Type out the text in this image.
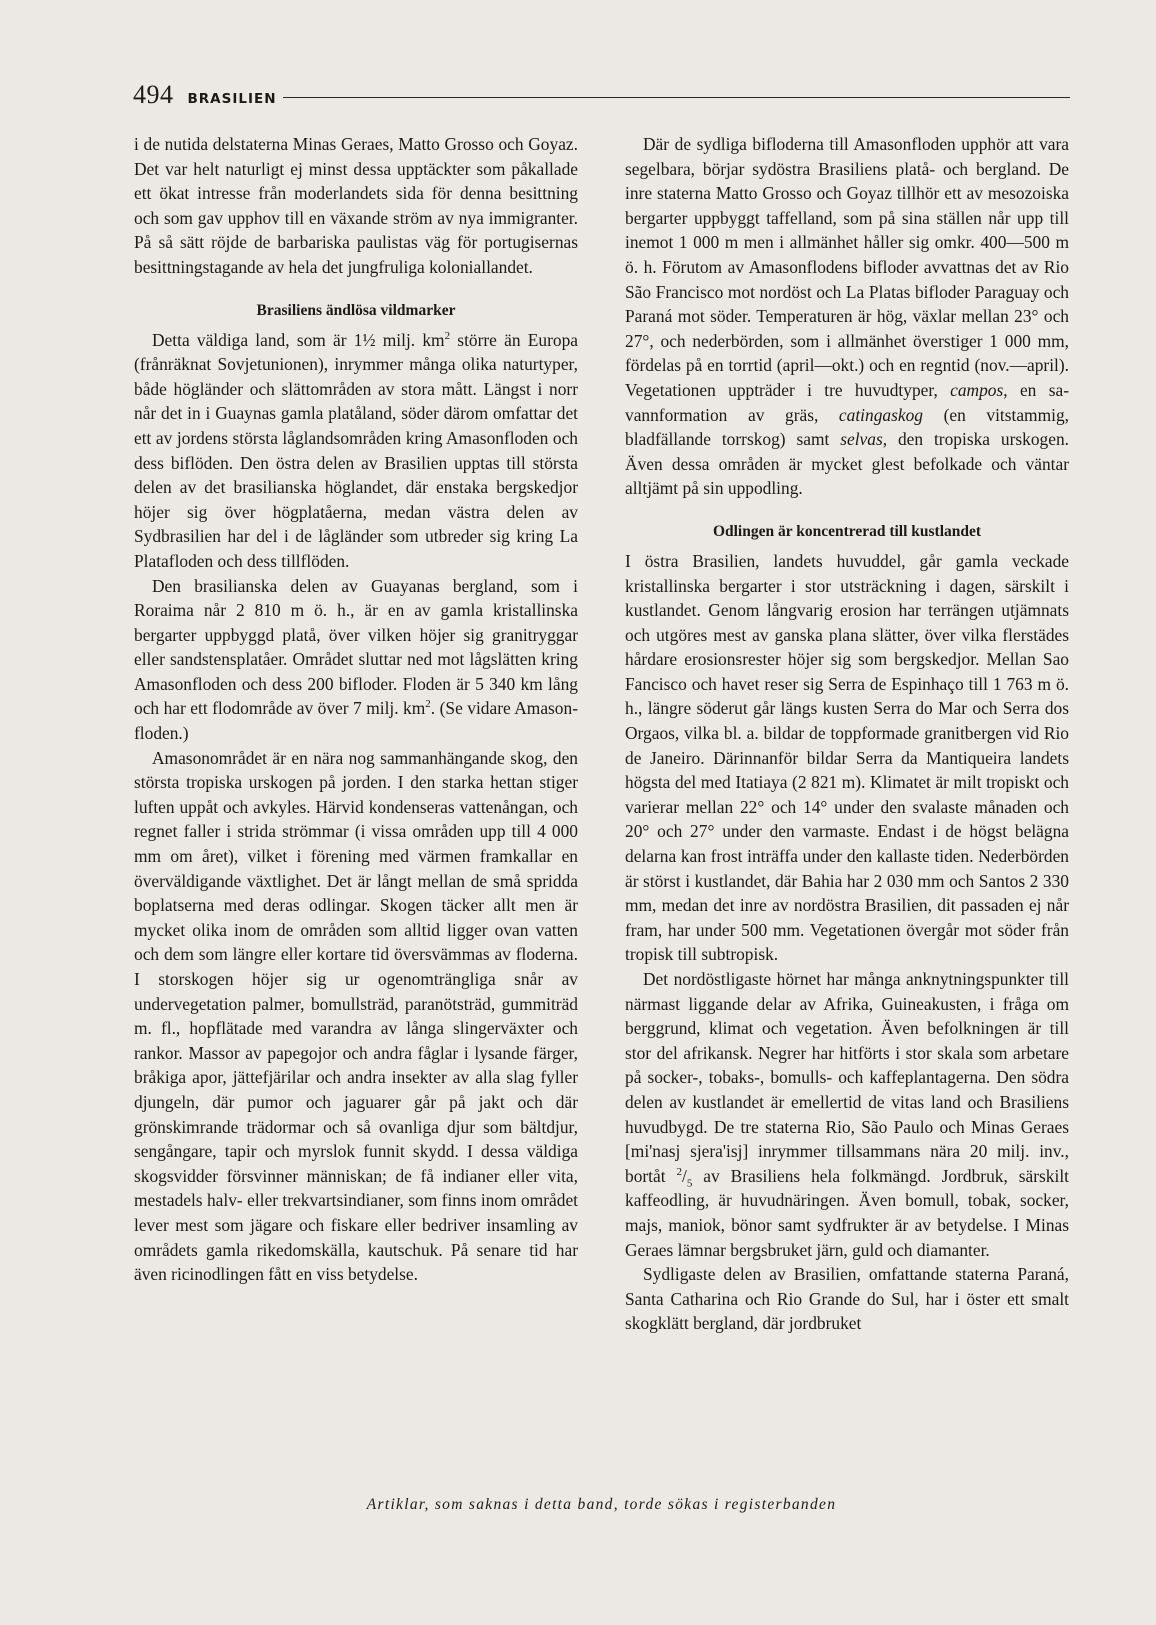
494 BRASILIEN

i de nutida delstaterna Minas Geraes, Matto Grosso och Goyaz. Det var helt naturligt ej minst dessa upptäckter som påkallade ett ökat intresse från moderlandets sida för denna besittning och som gav upphov till en växande ström av nya immigranter. På så sätt röjde de barbariska paulistas väg för portugisernas besittningstagande av hela det jungfruliga koloniallandet.

Brasiliens ändlösa vildmarker

Detta väldiga land, som är 1½ milj. $km^2$ större än Europa (frånräknat Sovjetunionen), inrymmer många olika naturtyper, både högländer och slättområden av stora mått. Längst i norr når det in i Guaynas gamla platåland, söder därom omfattar det ett av jordens största låglandsområden kring Amasonfloden och dess biflöden. Den östra delen av Brasilien upptas till största delen av det brasilianska höglandet, där enstaka bergskedjor höjer sig över högplatåerna, medan västra delen av Sydbrasilien har del i de lågländer som utbreder sig kring La Platafloden och dess tillflöden.

Den brasilianska delen av Guayanas bergland, som i Roraima når 2 810 m ö. h., är en av gamla kristallinska bergarter uppbyggd platå, över vilken höjer sig granitryggar eller sandstensplatåer. Området sluttar ned mot lågslätten kring Amasonfloden och dess 200 bifloder. Floden är 5 340 km lång och har ett flodområde av över 7 milj. $km^2$. (Se vidare Amasonfloden.)

Amasonområdet är en nära nog sammanhängande skog, den största tropiska urskogen på jorden. I den starka hettan stiger luften uppåt och avkyles. Härvid kondenseras vattenångan, och regnet faller i strida strömmar (i vissa områden upp till 4 000 mm om året), vilket i förening med värmen framkallar en överväldigande växtlighet. Det är långt mellan de små spridda boplatserna med deras odlingar. Skogen täcker allt men är mycket olika inom de områden som alltid ligger ovan vatten och dem som längre eller kortare tid översvämmas av floderna. I storskogen höjer sig ur ogenomträngliga snår av undervegetation palmer, bomullsträd, paranötsträd, gummiträd m. fl., hopflätade med varandra av långa slingerväxter och rankor. Massor av papegojor och andra fåglar i lysande färger, bråkiga apor, jättefjärilar och andra insekter av alla slag fyller djungeln, där pumor och jaguarer går på jakt och där grönskimrande trädormar och så ovanliga djur som bältdjur, sengångare, tapir och myrslok funnit skydd. I dessa väldiga skogsvidder försvinner människan; de få indianer eller vita, mestadels halv- eller trekvartsindianer, som finns inom området lever mest som jägare och fiskare eller bedriver insamling av områdets gamla rikedomskälla, kautschuk. På senare tid har även ricinodlingen fått en viss betydelse.

Där de sydliga bifloderna till Amasonfloden upphör att vara segelbara, börjar sydöstra Brasiliens platå- och bergland. De inre staterna Matto Grosso och Goyaz tillhör ett av mesozoiska bergarter uppbyggt taffelland, som på sina ställen når upp till inemot 1 000 m men i allmänhet håller sig omkr. 400—500 m ö. h. Förutom av Amasonflodens bifloder avvattnas det av Rio São Francisco mot nordöst och La Platas bifloder Paraguay och Paraná mot söder. Temperaturen är hög, växlar mellan 23° och 27°, och nederbörden, som i allmänhet överstiger 1 000 mm, fördelas på en torrtid (april—okt.) och en regntid (nov.—april). Vegetationen uppträder i tre huvudtyper, campos, en savannformation av gräs, catingaskog (en vitstammig, bladfällande torrskog) samt selvas, den tropiska urskogen. Även dessa områden är mycket glest befolkade och väntar alltjämt på sin uppodling.

Odlingen är koncentrerad till kustlandet

I östra Brasilien, landets huvuddel, går gamla veckade kristallinska bergarter i stor utsträckning i dagen, särskilt i kustlandet. Genom långvarig erosion har terrängen utjämnats och utgöres mest av ganska plana slätter, över vilka flerstädes hårdare erosionsrester höjer sig som bergskedjor. Mellan Sao Fancisco och havet reser sig Serra de Espinhaço till 1 763 m ö. h., längre söderut går längs kusten Serra do Mar och Serra dos Orgaos, vilka bl. a. bildar de toppformade granitbergen vid Rio de Janeiro. Därinnanför bildar Serra da Mantiqueira landets högsta del med Itatiaya (2 821 m). Klimatet är milt tropiskt och varierar mellan 22° och 14° under den svalaste månaden och 20° och 27° under den varmaste. Endast i de högst belägna delarna kan frost inträffa under den kallaste tiden. Nederbörden är störst i kustlandet, där Bahia har 2 030 mm och Santos 2 330 mm, medan det inre av nordöstra Brasilien, dit passaden ej når fram, har under 500 mm. Vegetationen övergår mot söder från tropisk till subtropisk.

Det nordöstligaste hörnet har många anknytningspunkter till närmast liggande delar av Afrika, Guineakusten, i fråga om berggrund, klimat och vegetation. Även befolkningen är till stor del afrikansk. Negrer har hitförts i stor skala som arbetare på socker-, tobaks-, bomulls- och kaffeplantagerna. Den södra delen av kustlandet är emellertid de vitas land och Brasiliens huvudbygd. De tre staterna Rio, São Paulo och Minas Geraes [mi'nasj sjera'isj] inrymmer tillsammans nära 20 milj. inv., bortåt $^2/_5$ av Brasiliens hela folkmängd. Jordbruk, särskilt kaffeodling, är huvudnäringen. Även bomull, tobak, socker, majs, maniok, bönor samt sydfrukter är av betydelse. I Minas Geraes lämnar bergsbruket järn, guld och diamanter.

Sydligaste delen av Brasilien, omfattande staterna Paraná, Santa Catharina och Rio Grande do Sul, har i öster ett smalt skogklätt bergland, där jordbruket

Artiklar, som saknas i detta band, torde sökas i registerbanden
